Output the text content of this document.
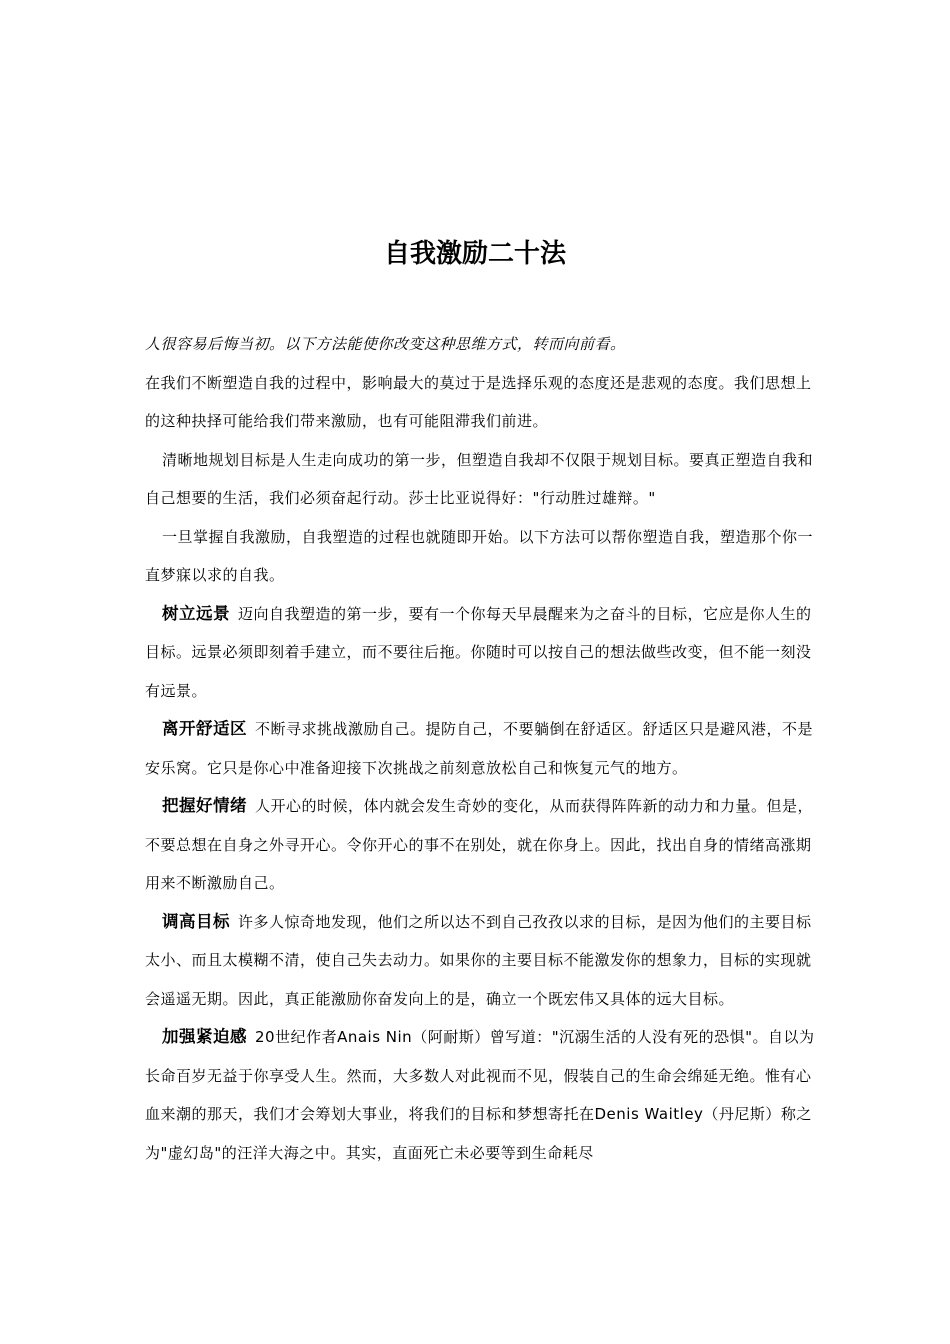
自我激励二十法

人很容易后悔当初。以下方法能使你改变这种思维方式，转而向前看。

在我们不断塑造自我的过程中，影响最大的莫过于是选择乐观的态度还是悲观的态度。我们思想上的这种抉择可能给我们带来激励，也有可能阻滞我们前进。

清晰地规划目标是人生走向成功的第一步，但塑造自我却不仅限于规划目标。要真正塑造自我和自己想要的生活，我们必须奋起行动。莎士比亚说得好："行动胜过雄辩。"

一旦掌握自我激励，自我塑造的过程也就随即开始。以下方法可以帮你塑造自我，塑造那个你一直梦寐以求的自我。

树立远景 迈向自我塑造的第一步，要有一个你每天早晨醒来为之奋斗的目标，它应是你人生的目标。远景必须即刻着手建立，而不要往后拖。你随时可以按自己的想法做些改变，但不能一刻没有远景。

离开舒适区 不断寻求挑战激励自己。提防自己，不要躺倒在舒适区。舒适区只是避风港，不是安乐窝。它只是你心中准备迎接下次挑战之前刻意放松自己和恢复元气的地方。

把握好情绪 人开心的时候，体内就会发生奇妙的变化，从而获得阵阵新的动力和力量。但是，不要总想在自身之外寻开心。令你开心的事不在别处，就在你身上。因此，找出自身的情绪高涨期用来不断激励自己。

调高目标 许多人惊奇地发现，他们之所以达不到自己孜孜以求的目标，是因为他们的主要目标太小、而且太模糊不清，使自己失去动力。如果你的主要目标不能激发你的想象力，目标的实现就会遥遥无期。因此，真正能激励你奋发向上的是，确立一个既宏伟又具体的远大目标。

加强紧迫感 20世纪作者Anais Nin（阿耐斯）曾写道："沉溺生活的人没有死的恐惧"。自以为长命百岁无益于你享受人生。然而，大多数人对此视而不见，假装自己的生命会绵延无绝。惟有心血来潮的那天，我们才会筹划大事业，将我们的目标和梦想寄托在Denis Waitley（丹尼斯）称之为"虚幻岛"的汪洋大海之中。其实，直面死亡未必要等到生命耗尽
